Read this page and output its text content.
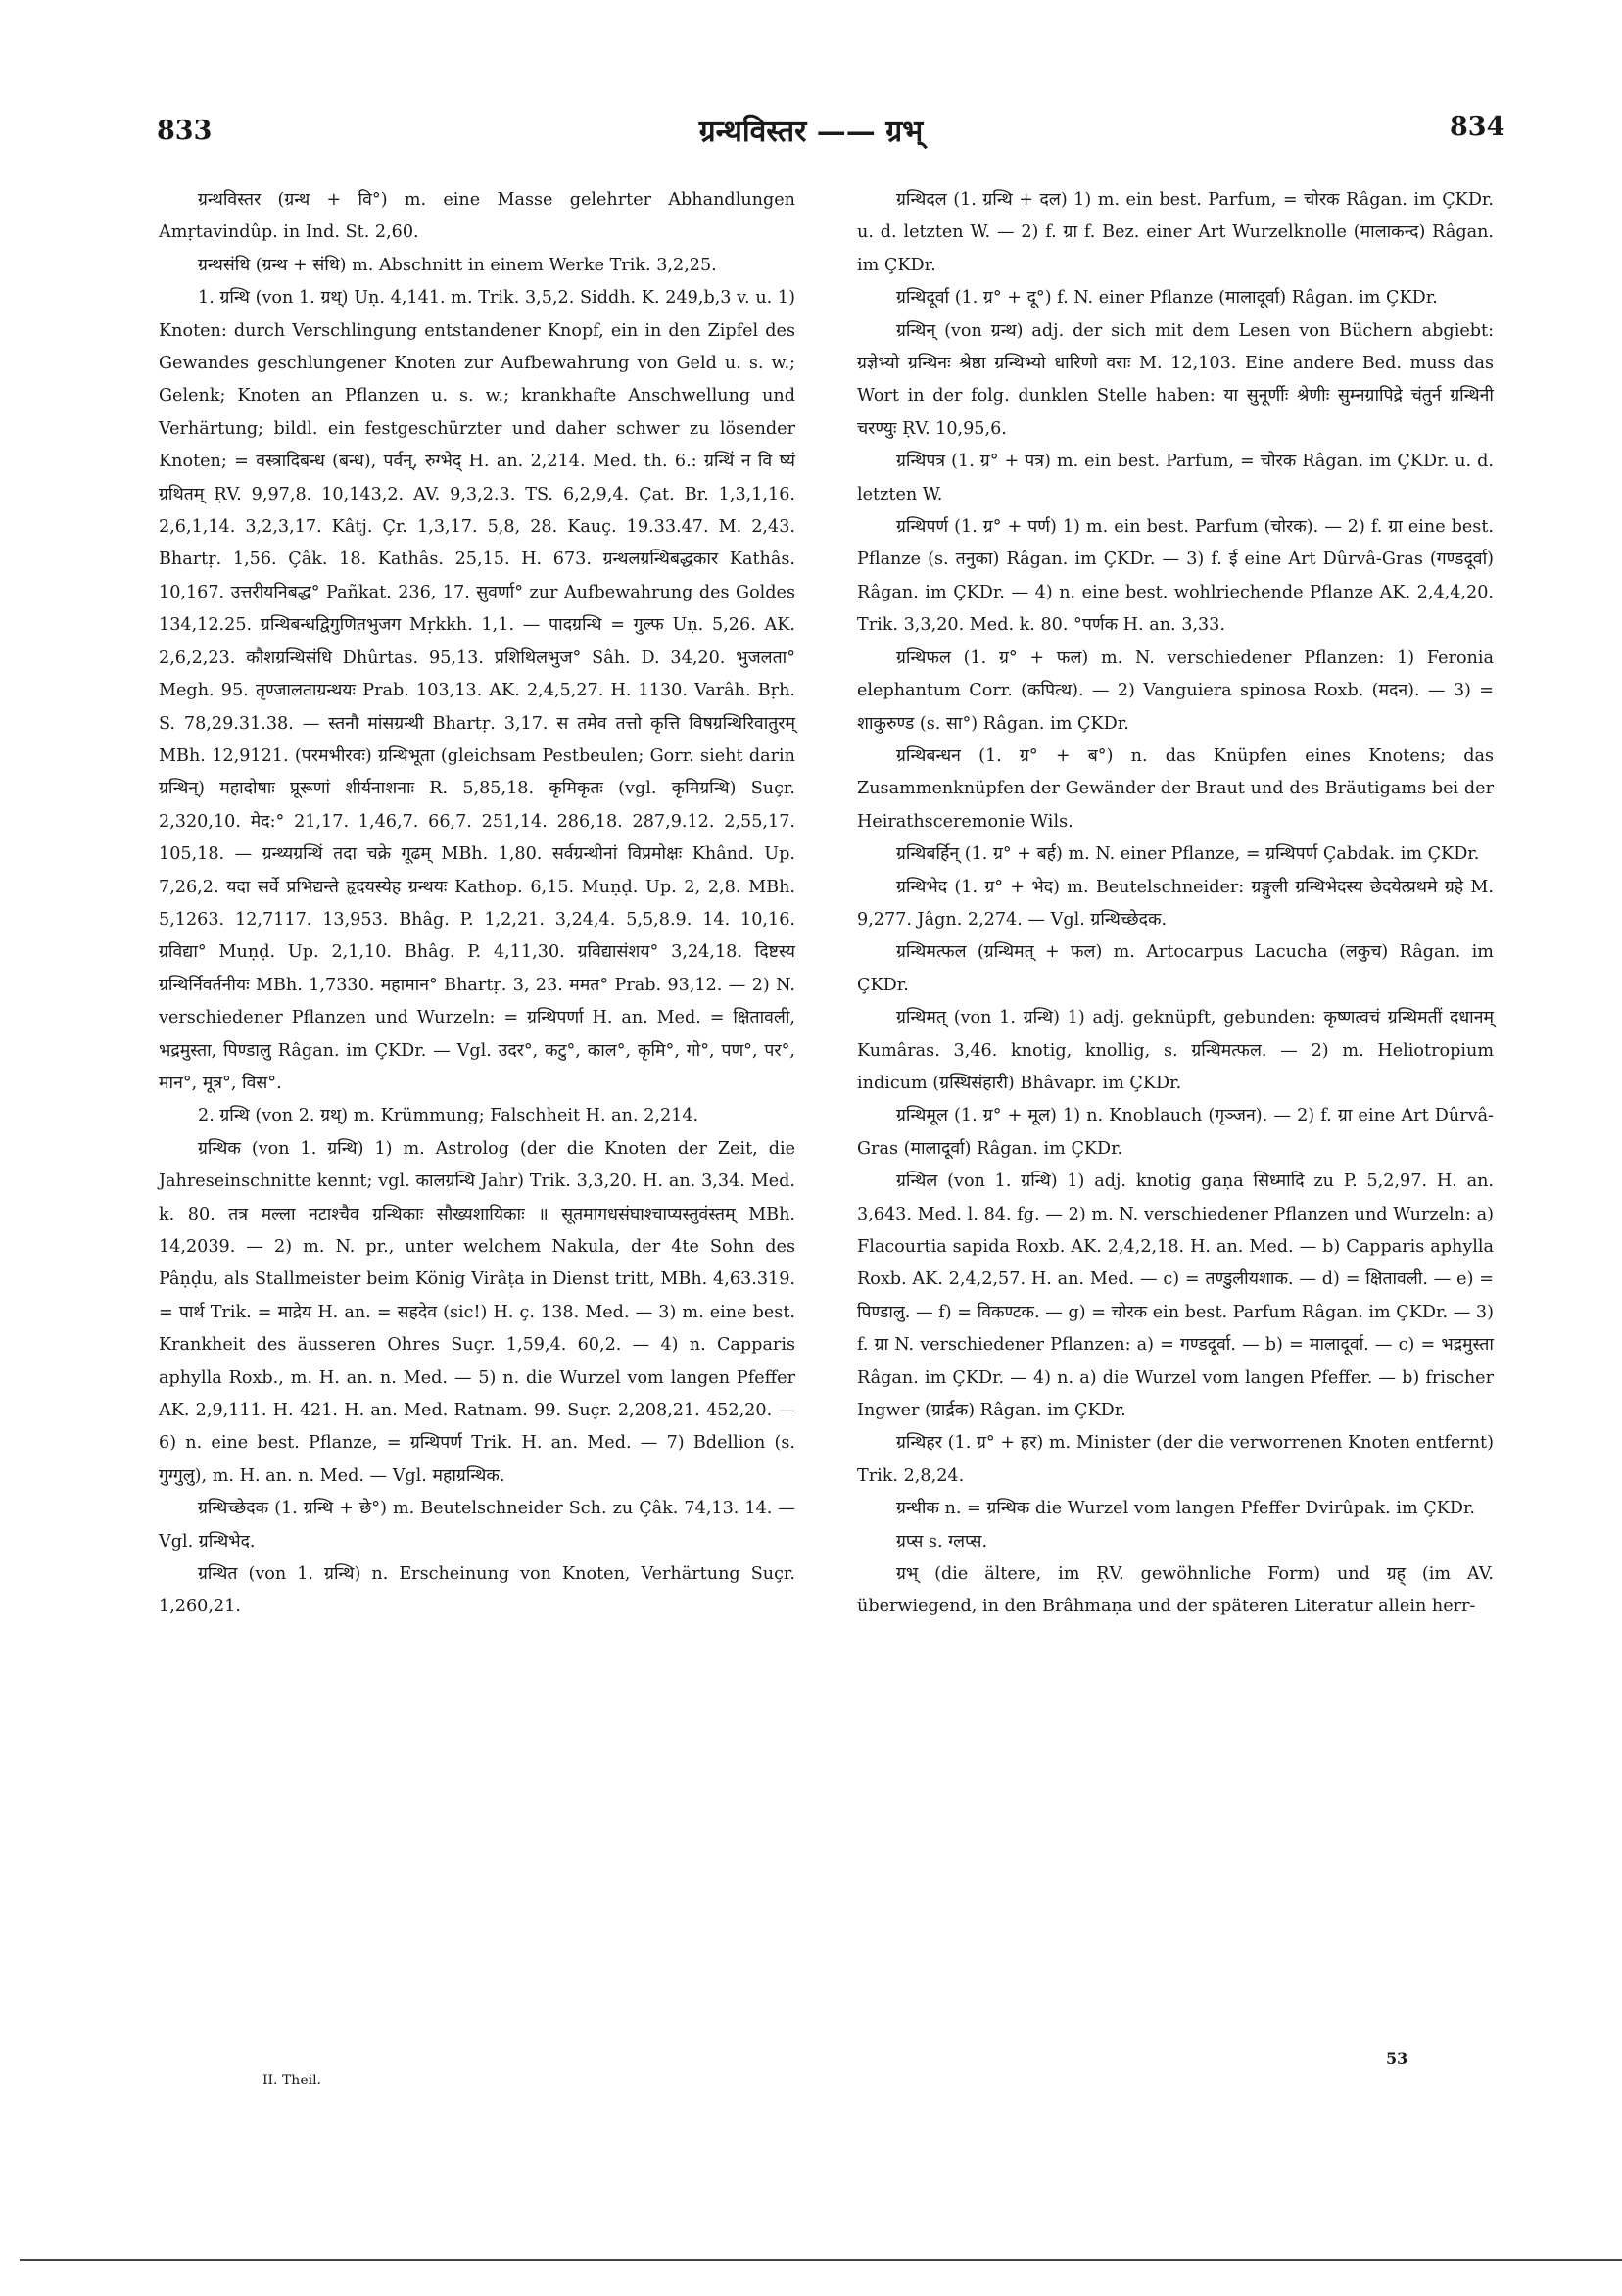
833	ग्रन्थविस्तर —— ग्रभ्	834

ग्रन्थविस्तर (ग्रन्थ + वि°) m. eine Masse gelehrter Abhandlungen Amṛtavindûp. in Ind. St. 2,60.

ग्रन्थसंधि (ग्रन्थ + संधि) m. Abschnitt in einem Werke Trik. 3,2,25.

1. ग्रन्थि (von 1. ग्रथ्) Uṇ. 4,141. m. Trik. 3,5,2. Siddh. K. 249,b,3 v. u. 1) Knoten: durch Verschlingung entstandener Knopf, ein in den Zipfel des Gewandes geschlungener Knoten zur Aufbewahrung von Geld u. s. w.; Gelenk; Knoten an Pflanzen u. s. w.; krankhafte Anschwellung und Verhärtung; bildl. ein festgeschürzter und daher schwer zu lösender Knoten; = वस्त्रादिबन्ध (बन्ध), पर्वन्, रुग्भेद् H. an. 2,214. Med. th. 6.: ग्रन्थिं न वि ष्यं ग्रथितम् ṚV. 9,97,8. 10,143,2. AV. 9,3,2.3. TS. 6,2,9,4. Çat. Br. 1,3,1,16. 2,6,1,14. 3,2,3,17. Kâtj. Çr. 1,3,17. 5,8, 28. Kauç. 19.33.47. M. 2,43. Bhartṛ. 1,56. Çâk. 18. Kathâs. 25,15. H. 673. ग्रन्थलग्रन्थिबद्धकार Kathâs. 10,167. उत्तरीयनिबद्ध° Pañkat. 236, 17. सुवर्णा° zur Aufbewahrung des Goldes 134,12.25. ग्रन्थिबन्धद्विगुणितभुजग Mṛkkh. 1,1. — पादग्रन्थि = गुल्फ Uṇ. 5,26. AK. 2,6,2,23. कौशग्रन्थिसंधि Dhûrtas. 95,13. प्रशिथिलभुज° Sâh. D. 34,20. भुजलता° Megh. 95. तृण्जालताग्रन्थयः Prab. 103,13. AK. 2,4,5,27. H. 1130. Varâh. Bṛh. S. 78,29.31.38. — स्तनौ मांसग्रन्थी Bhartṛ. 3,17. स तमेव तत्तो कृत्ति विषग्रन्थिरिवातुरम् MBh. 12,9121. (परमभीरवः) ग्रन्थिभूता (gleichsam Pestbeulen; Gorr. sieht darin ग्रन्थिन्) महादोषाः प्रूरूणां शीर्यनाशनाः R. 5,85,18. कृमिकृतः (vgl. कृमिग्रन्थि) Suçr. 2,320,10. मेद:° 21,17. 1,46,7. 66,7. 251,14. 286,18. 287,9.12. 2,55,17. 105,18. — ग्रन्थ्यग्रन्थिं तदा चक्रे गूढम् MBh. 1,80. सर्वग्रन्थीनां विप्रमोक्षः Khând. Up. 7,26,2. यदा सर्वे प्रभिद्यन्ते हृदयस्येह ग्रन्थयः Kathop. 6,15. Muṇḍ. Up. 2, 2,8. MBh. 5,1263. 12,7117. 13,953. Bhâg. P. 1,2,21. 3,24,4. 5,5,8.9. 14. 10,16. ग्रविद्या° Muṇḍ. Up. 2,1,10. Bhâg. P. 4,11,30. ग्रविद्यासंशय° 3,24,18. दिष्टस्य ग्रन्थिर्निवर्तनीयः MBh. 1,7330. महामान° Bhartṛ. 3, 23. ममत° Prab. 93,12. — 2) N. verschiedener Pflanzen und Wurzeln: = ग्रन्थिपर्णा H. an. Med. = क्षितावली, भद्रमुस्ता, पिण्डालु Râgan. im ÇKDr. — Vgl. उदर°, कटु°, काल°, कृमि°, गो°, पण°, पर°, मान°, मूत्र°, विस°.

2. ग्रन्थि (von 2. ग्रथ्) m. Krümmung; Falschheit H. an. 2,214.

ग्रन्थिक (von 1. ग्रन्थि) 1) m. Astrolog (der die Knoten der Zeit, die Jahreseinschnitte kennt; vgl. कालग्रन्थि Jahr) Trik. 3,3,20. H. an. 3,34. Med. k. 80. तत्र मल्ला नटाश्चैव ग्रन्थिकाः सौख्यशायिकाः ॥ सूतमागधसंघाश्चाप्यस्तुवंस्तम् MBh. 14,2039. — 2) m. N. pr., unter welchem Nakula, der 4te Sohn des Pâṇḍu, als Stallmeister beim König Virâṭa in Dienst tritt, MBh. 4,63.319. = पार्थ Trik. = माद्रेय H. an. = सहदेव (sic!) H. ç. 138. Med. — 3) m. eine best. Krankheit des äusseren Ohres Suçr. 1,59,4. 60,2. — 4) n. Capparis aphylla Roxb., m. H. an. n. Med. — 5) n. die Wurzel vom langen Pfeffer AK. 2,9,111. H. 421. H. an. Med. Ratnam. 99. Suçr. 2,208,21. 452,20. — 6) n. eine best. Pflanze, = ग्रन्थिपर्ण Trik. H. an. Med. — 7) Bdellion (s. गुग्गुलु), m. H. an. n. Med. — Vgl. महाग्रन्थिक.

ग्रन्थिच्छेदक (1. ग्रन्थि + छे°) m. Beutelschneider Sch. zu Çâk. 74,13. 14. — Vgl. ग्रन्थिभेद.

ग्रन्थित (von 1. ग्रन्थि) n. Erscheinung von Knoten, Verhärtung Suçr. 1,260,21.

ग्रन्थिदल (1. ग्रन्थि + दल) 1) m. ein best. Parfum, = चोरक Râgan. im ÇKDr. u. d. letzten W. — 2) f. ग्रा f. Bez. einer Art Wurzelknolle (मालाकन्द) Râgan. im ÇKDr.

ग्रन्थिदूर्वा (1. ग्र° + दू°) f. N. einer Pflanze (मालादूर्वा) Râgan. im ÇKDr.

ग्रन्थिन् (von ग्रन्थ) adj. der sich mit dem Lesen von Büchern abgiebt: ग्रज्ञेभ्यो ग्रन्थिनः श्रेष्ठा ग्रन्थिभ्यो धारिणो वराः M. 12,103. Eine andere Bed. muss das Wort in der folg. dunklen Stelle haben: या सुनूर्णीः श्रेणीः सुम्नग्रापिद्रे चंतुर्न ग्रन्थिनी चरण्युः ṚV. 10,95,6.

ग्रन्थिपत्र (1. ग्र° + पत्र) m. ein best. Parfum, = चोरक Râgan. im ÇKDr. u. d. letzten W.

ग्रन्थिपर्ण (1. ग्र° + पर्ण) 1) m. ein best. Parfum (चोरक). — 2) f. ग्रा eine best. Pflanze (s. तनुका) Râgan. im ÇKDr. — 3) f. ई eine Art Dûrvâ-Gras (गण्डदूर्वा) Râgan. im ÇKDr. — 4) n. eine best. wohlriechende Pflanze AK. 2,4,4,20. Trik. 3,3,20. Med. k. 80. °पर्णक H. an. 3,33.

ग्रन्थिफल (1. ग्र° + फल) m. N. verschiedener Pflanzen: 1) Feronia elephantum Corr. (कपित्थ). — 2) Vanguiera spinosa Roxb. (मदन). — 3) = शाकुरुण्ड (s. सा°) Râgan. im ÇKDr.

ग्रन्थिबन्धन (1. ग्र° + ब°) n. das Knüpfen eines Knotens; das Zusammenknüpfen der Gewänder der Braut und des Bräutigams bei der Heirathsceremonie Wils.

ग्रन्थिबर्हिन् (1. ग्र° + बर्ह) m. N. einer Pflanze, = ग्रन्थिपर्ण Çabdak. im ÇKDr.

ग्रन्थिभेद (1. ग्र° + भेद) m. Beutelschneider: ग्रङ्गुली ग्रन्थिभेदस्य छेदयेत्प्रथमे ग्रहे M. 9,277. Jâgn. 2,274. — Vgl. ग्रन्थिच्छेदक.

ग्रन्थिमत्फल (ग्रन्थिमत् + फल) m. Artocarpus Lacucha (लकुच) Râgan. im ÇKDr.

ग्रन्थिमत् (von 1. ग्रन्थि) 1) adj. geknüpft, gebunden: कृष्णत्वचं ग्रन्थिमतीं दधानम् Kumâras. 3,46. knotig, knollig, s. ग्रन्थिमत्फल. — 2) m. Heliotropium indicum (ग्रस्थिसंहारी) Bhâvapr. im ÇKDr.

ग्रन्थिमूल (1. ग्र° + मूल) 1) n. Knoblauch (गृञ्जन). — 2) f. ग्रा eine Art Dûrvâ-Gras (मालादूर्वा) Râgan. im ÇKDr.

ग्रन्थिल (von 1. ग्रन्थि) 1) adj. knotig gaṇa सिध्मादि zu P. 5,2,97. H. an. 3,643. Med. l. 84. fg. — 2) m. N. verschiedener Pflanzen und Wurzeln: a) Flacourtia sapida Roxb. AK. 2,4,2,18. H. an. Med. — b) Capparis aphylla Roxb. AK. 2,4,2,57. H. an. Med. — c) = तण्डुलीयशाक. — d) = क्षितावली. — e) = पिण्डालु. — f) = विकण्टक. — g) = चोरक ein best. Parfum Râgan. im ÇKDr. — 3) f. ग्रा N. verschiedener Pflanzen: a) = गण्डदूर्वा. — b) = मालादूर्वा. — c) = भद्रमुस्ता Râgan. im ÇKDr. — 4) n. a) die Wurzel vom langen Pfeffer. — b) frischer Ingwer (ग्रार्द्रक) Râgan. im ÇKDr.

ग्रन्थिहर (1. ग्र° + हर) m. Minister (der die verworrenen Knoten entfernt) Trik. 2,8,24.

ग्रन्थीक n. = ग्रन्थिक die Wurzel vom langen Pfeffer Dvirûpak. im ÇKDr.

ग्रप्स s. ग्लप्स.

ग्रभ् (die ältere, im ṚV. gewöhnliche Form) und ग्रह् (im AV. überwiegend, in den Brâhmaṇa und der späteren Literatur allein herr-

II. Theil.
53
